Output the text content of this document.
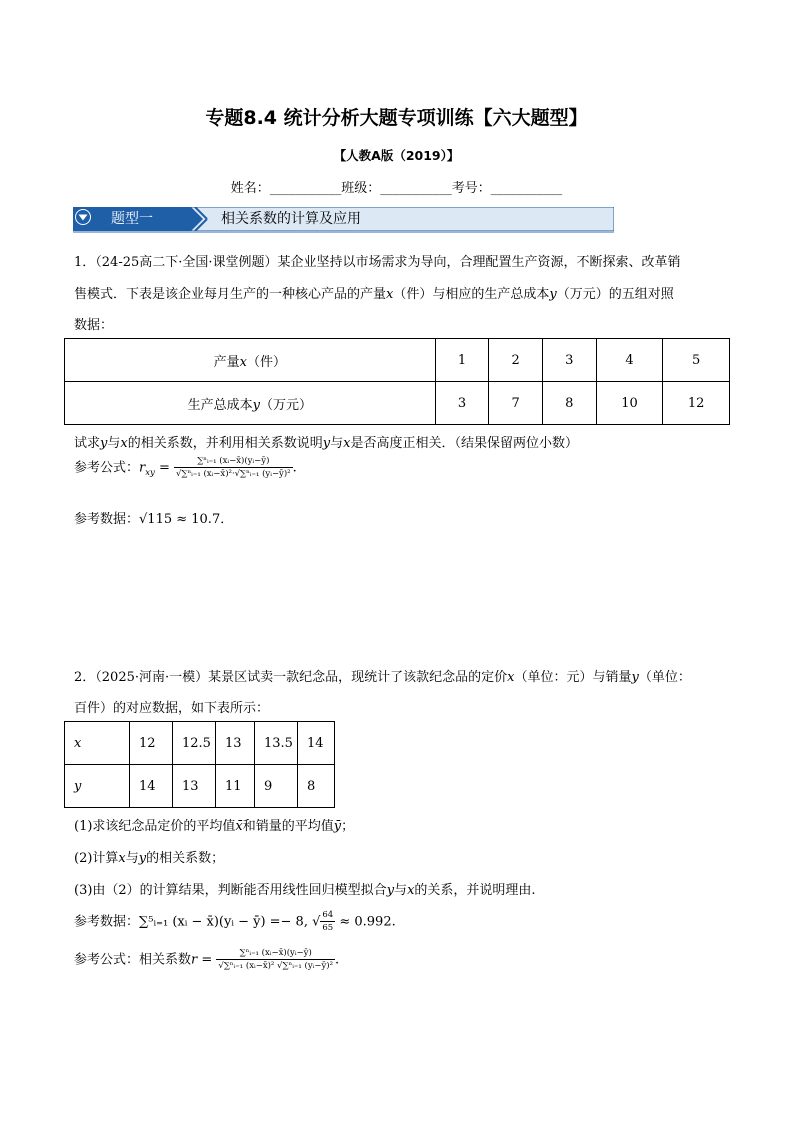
专题8.4 统计分析大题专项训练【六大题型】
【人教A版（2019）】
姓名：___________班级：___________考号：___________
题型一	相关系数的计算及应用
1．（24-25高二下·全国·课堂例题）某企业坚持以市场需求为导向，合理配置生产资源，不断探索、改革销
售模式．下表是该企业每月生产的一种核心产品的产量x（件）与相应的生产总成本y（万元）的五组对照
数据：
产量x（件）	1	2	3	4	5
生产总成本y（万元）	3	7	8	10	12
试求y与x的相关系数，并利用相关系数说明y与x是否高度正相关．（结果保留两位小数）
参考公式：$r_{xy} = \frac{\text{∑ⁿᵢ₌₁ (xᵢ−x̄)(yᵢ−ȳ)}}{\text{√∑ⁿᵢ₌₁ (xᵢ−x̄)²·√∑ⁿᵢ₌₁ (yᵢ−ȳ)²}}$ .
参考数据：√115 ≈ 10.7．
2．（2025·河南·一模）某景区试卖一款纪念品，现统计了该款纪念品的定价x（单位：元）与销量y（单位：
百件）的对应数据，如下表所示：
x	12	12.5	13	13.5	14
y	14	13	11	9	8
(1)求该纪念品定价的平均值x̄和销量的平均值ȳ；
(2)计算x与y的相关系数；
(3)由（2）的计算结果，判断能否用线性回归模型拟合y与x的关系，并说明理由.
参考数据：∑⁵ᵢ₌₁ (xᵢ − x̄)(yᵢ − ȳ) =− 8, √ $\frac{64}{65} \approx 0.992$.
参考公式：相关系数$r = \frac{\text{∑ⁿᵢ₌₁ (xᵢ−x̄)(yᵢ−ȳ)}}{\text{√∑ⁿᵢ₌₁ (xᵢ−x̄)² √∑ⁿᵢ₌₁ (yᵢ−ȳ)²}}$ .
